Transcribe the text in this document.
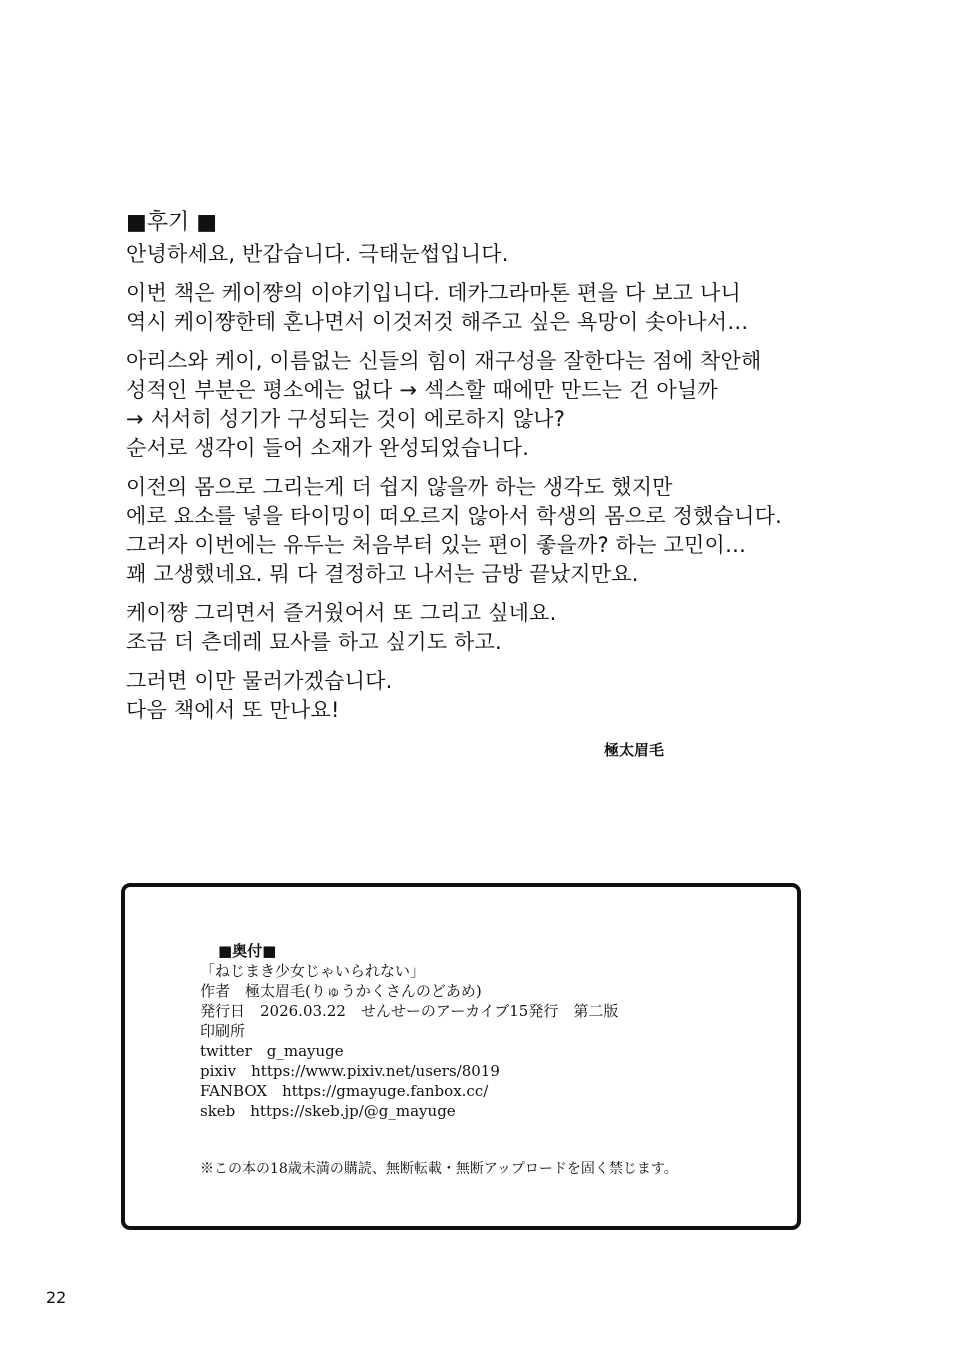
■후기 ■
안녕하세요, 반갑습니다. 극태눈썹입니다.
이번 책은 케이쨩의 이야기입니다. 데카그라마톤 편을 다 보고 나니
역시 케이쨩한테 혼나면서 이것저것 해주고 싶은 욕망이 솟아나서…
아리스와 케이, 이름없는 신들의 힘이 재구성을 잘한다는 점에 착안해
성적인 부분은 평소에는 없다 → 섹스할 때에만 만드는 건 아닐까
→ 서서히 성기가 구성되는 것이 에로하지 않나?
순서로 생각이 들어 소재가 완성되었습니다.
이전의 몸으로 그리는게 더 쉽지 않을까 하는 생각도 했지만
에로 요소를 넣을 타이밍이 떠오르지 않아서 학생의 몸으로 정했습니다.
그러자 이번에는 유두는 처음부터 있는 편이 좋을까? 하는 고민이…
꽤 고생했네요. 뭐 다 결정하고 나서는 금방 끝났지만요.
케이쨩 그리면서 즐거웠어서 또 그리고 싶네요.
조금 더 츤데레 묘사를 하고 싶기도 하고.
그러면 이만 물러가겠습니다.
다음 책에서 또 만나요!
極太眉毛
■奥付■
「ねじまき少女じゃいられない」
作者　極太眉毛(りゅうかくさんのどあめ)
発行日　2026.03.22　せんせーのアーカイブ15発行　第二版
印刷所
twitter　g_mayuge
pixiv　https://www.pixiv.net/users/8019
FANBOX　https://gmayuge.fanbox.cc/
skeb　https://skeb.jp/@g_mayuge
※この本の18歳未満の購読、無断転載・無断アップロードを固く禁じます。
22
